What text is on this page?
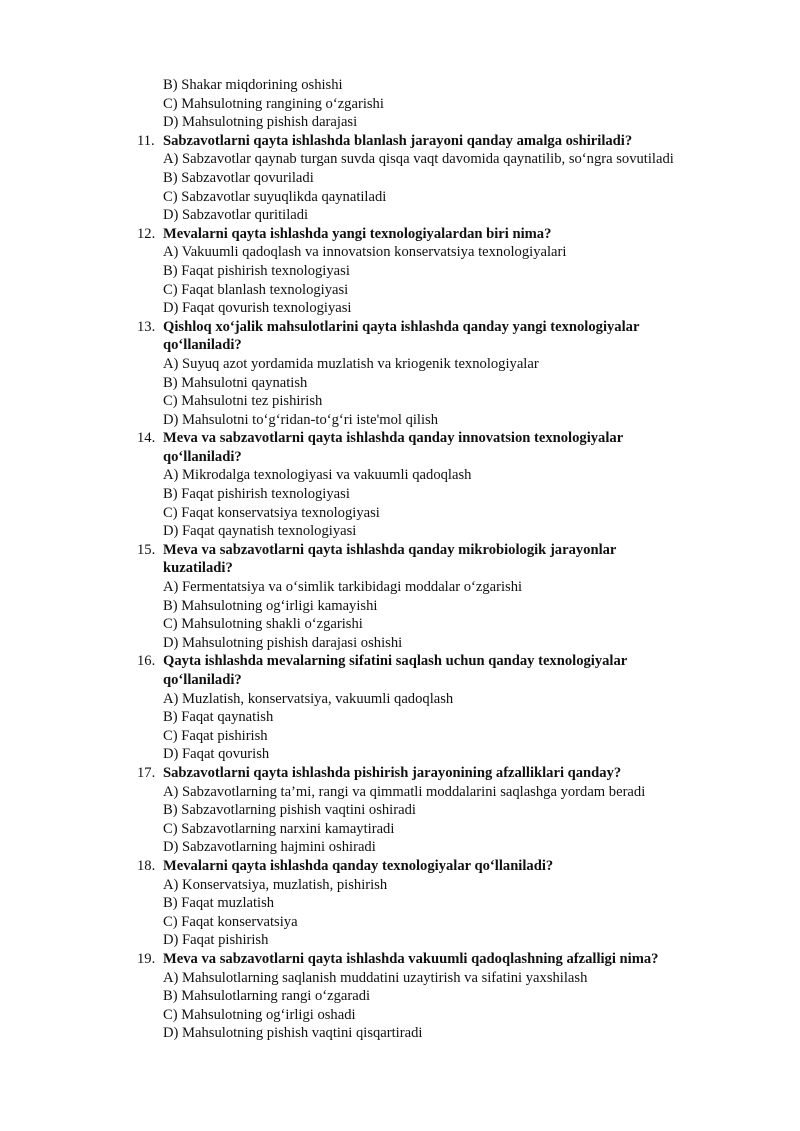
B) Shakar miqdorining oshishi
C) Mahsulotning rangining o‘zgarishi
D) Mahsulotning pishish darajasi
11. Sabzavotlarni qayta ishlashda blanlash jarayoni qanday amalga oshiriladi?
A) Sabzavotlar qaynab turgan suvda qisqa vaqt davomida qaynatilib, so‘ngra sovutiladi
B) Sabzavotlar qovuriladi
C) Sabzavotlar suyuqlikda qaynatiladi
D) Sabzavotlar quritiladi
12. Mevalarni qayta ishlashda yangi texnologiyalardan biri nima?
A) Vakuumli qadoqlash va innovatsion konservatsiya texnologiyalari
B) Faqat pishirish texnologiyasi
C) Faqat blanlash texnologiyasi
D) Faqat qovurish texnologiyasi
13. Qishloq xo‘jalik mahsulotlarini qayta ishlashda qanday yangi texnologiyalar
qo‘llaniladi?
A) Suyuq azot yordamida muzlatish va kriogenik texnologiyalar
B) Mahsulotni qaynatish
C) Mahsulotni tez pishirish
D) Mahsulotni to‘g‘ridan-to‘g‘ri iste'mol qilish
14. Meva va sabzavotlarni qayta ishlashda qanday innovatsion texnologiyalar
qo‘llaniladi?
A) Mikrodalga texnologiyasi va vakuumli qadoqlash
B) Faqat pishirish texnologiyasi
C) Faqat konservatsiya texnologiyasi
D) Faqat qaynatish texnologiyasi
15. Meva va sabzavotlarni qayta ishlashda qanday mikrobiologik jarayonlar
kuzatiladi?
A) Fermentatsiya va o‘simlik tarkibidagi moddalar o‘zgarishi
B) Mahsulotning og‘irligi kamayishi
C) Mahsulotning shakli o‘zgarishi
D) Mahsulotning pishish darajasi oshishi
16. Qayta ishlashda mevalarning sifatini saqlash uchun qanday texnologiyalar
qo‘llaniladi?
A) Muzlatish, konservatsiya, vakuumli qadoqlash
B) Faqat qaynatish
C) Faqat pishirish
D) Faqat qovurish
17. Sabzavotlarni qayta ishlashda pishirish jarayonining afzalliklari qanday?
A) Sabzavotlarning ta’mi, rangi va qimmatli moddalarini saqlashga yordam beradi
B) Sabzavotlarning pishish vaqtini oshiradi
C) Sabzavotlarning narxini kamaytiradi
D) Sabzavotlarning hajmini oshiradi
18. Mevalarni qayta ishlashda qanday texnologiyalar qo‘llaniladi?
A) Konservatsiya, muzlatish, pishirish
B) Faqat muzlatish
C) Faqat konservatsiya
D) Faqat pishirish
19. Meva va sabzavotlarni qayta ishlashda vakuumli qadoqlashning afzalligi nima?
A) Mahsulotlarning saqlanish muddatini uzaytirish va sifatini yaxshilash
B) Mahsulotlarning rangi o‘zgaradi
C) Mahsulotning og‘irligi oshadi
D) Mahsulotning pishish vaqtini qisqartiradi
